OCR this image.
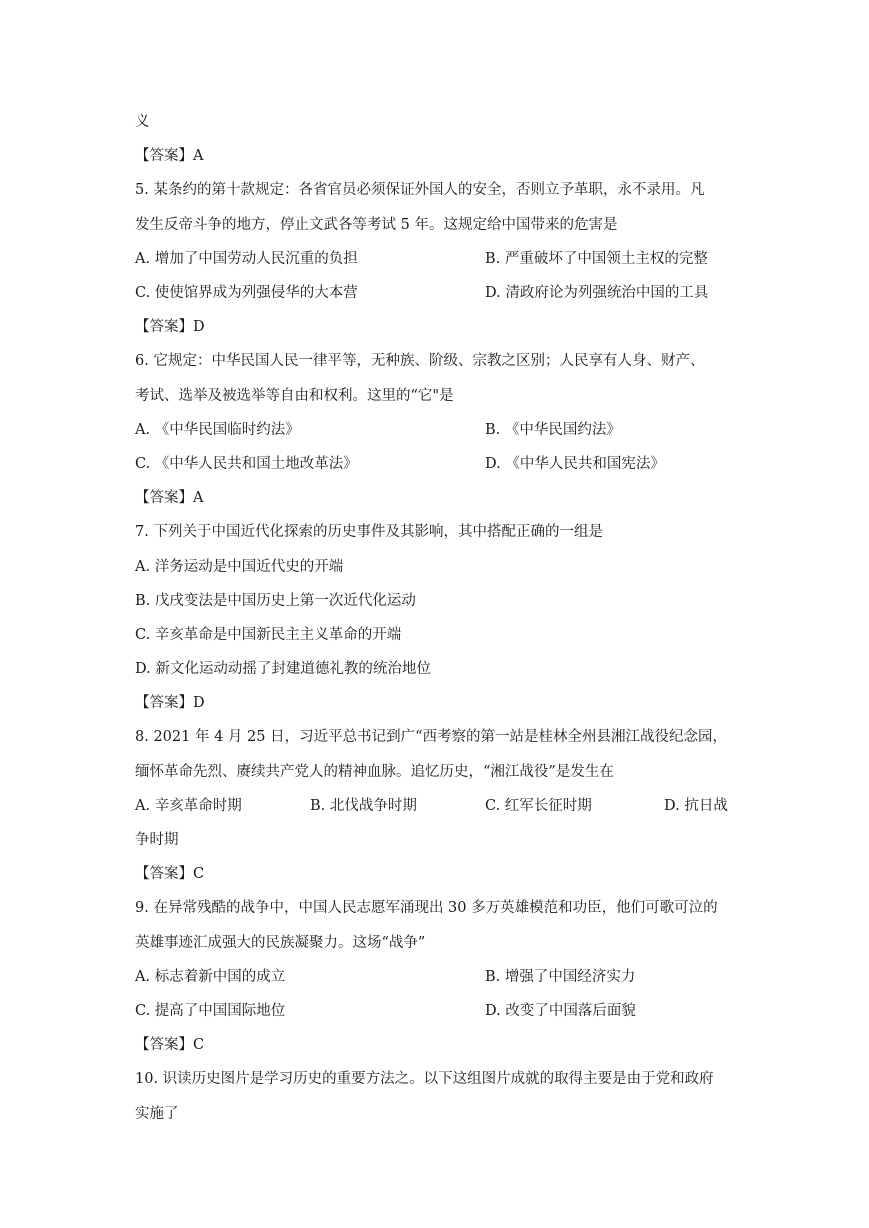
义
【答案】A
5. 某条约的第十款规定：各省官员必须保证外国人的安全，否则立予革职，永不录用。凡
发生反帝斗争的地方，停止文武各等考试 5 年。这规定给中国带来的危害是
A. 增加了中国劳动人民沉重的负担	B. 严重破坏了中国领土主权的完整
C. 使使馆界成为列强侵华的大本营	D. 清政府论为列强统治中国的工具
【答案】D
6. 它规定：中华民国人民一律平等，无种族、阶级、宗教之区别；人民享有人身、财产、
考试、选举及被选举等自由和权利。这里的“它"是
A. 《中华民国临时约法》	B. 《中华民国约法》
C. 《中华人民共和国土地改革法》	D. 《中华人民共和国宪法》
【答案】A
7. 下列关于中国近代化探索的历史事件及其影响，其中搭配正确的一组是
A. 洋务运动是中国近代史的开端
B. 戊戌变法是中国历史上第一次近代化运动
C. 辛亥革命是中国新民主主义革命的开端
D. 新文化运动动摇了封建道德礼教的统治地位
【答案】D
8. 2021 年 4 月 25 日，习近平总书记到广“西考察的第一站是桂林全州县湘江战役纪念园，
缅怀革命先烈、赓续共产党人的精神血脉。追忆历史，“湘江战役”是发生在
A. 辛亥革命时期	B. 北伐战争时期	C. 红军长征时期	D. 抗日战
争时期
【答案】C
9. 在异常残酷的战争中，中国人民志愿军涌现出 30 多万英雄模范和功臣，他们可歌可泣的
英雄事迹汇成强大的民族凝聚力。这场“战争”
A. 标志着新中国的成立	B. 增强了中国经济实力
C. 提高了中国国际地位	D. 改变了中国落后面貌
【答案】C
10. 识读历史图片是学习历史的重要方法之。以下这组图片成就的取得主要是由于党和政府
实施了
